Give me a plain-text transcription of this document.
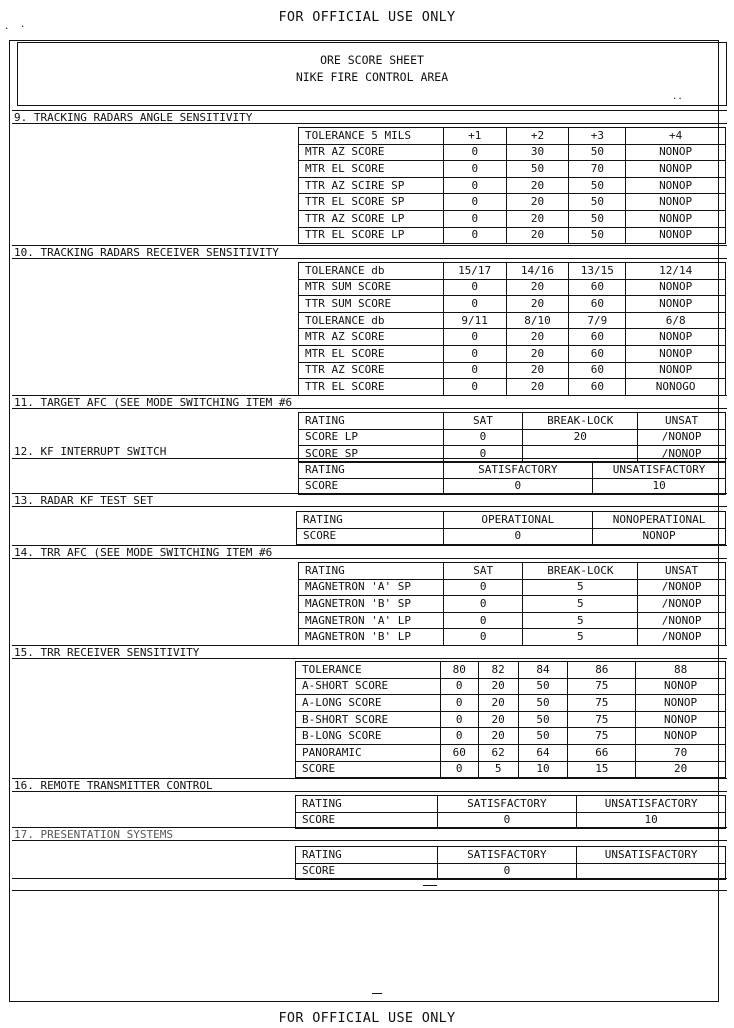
FOR OFFICIAL USE ONLY
ORE SCORE SHEET
NIKE FIRE CONTROL AREA
9. TRACKING RADARS ANGLE SENSITIVITY
TOLERANCE 5 MILS	+1	+2	+3	+4
MTR AZ SCORE	0	30	50	NONOP
MTR EL SCORE	0	50	70	NONOP
TTR AZ SCIRE SP	0	20	50	NONOP
TTR EL SCORE SP	0	20	50	NONOP
TTR AZ SCORE LP	0	20	50	NONOP
TTR EL SCORE LP	0	20	50	NONOP
10. TRACKING RADARS RECEIVER SENSITIVITY
TOLERANCE db	15/17	14/16	13/15	12/14
MTR SUM SCORE	0	20	60	NONOP
TTR SUM SCORE	0	20	60	NONOP
TOLERANCE db	9/11	8/10	7/9	6/8
MTR AZ SCORE	0	20	60	NONOP
MTR EL SCORE	0	20	60	NONOP
TTR AZ SCORE	0	20	60	NONOP
TTR EL SCORE	0	20	60	NONOGO
11. TARGET AFC (SEE MODE SWITCHING ITEM #6
RATING	SAT	BREAK-LOCK	UNSAT
SCORE LP	0	20	/NONOP
SCORE SP	0		/NONOP
12. KF INTERRUPT SWITCH
RATING	SATISFACTORY	UNSATISFACTORY
SCORE	0	10
13. RADAR KF TEST SET
RATING	OPERATIONAL	NONOPERATIONAL
SCORE	0	NONOP
14. TRR AFC (SEE MODE SWITCHING ITEM #6
RATING	SAT	BREAK-LOCK	UNSAT
MAGNETRON 'A' SP	0	5	/NONOP
MAGNETRON 'B' SP	0	5	/NONOP
MAGNETRON 'A' LP	0	5	/NONOP
MAGNETRON 'B' LP	0	5	/NONOP
15. TRR RECEIVER SENSITIVITY
TOLERANCE	80	82	84	86	88
A-SHORT SCORE	0	20	50	75	NONOP
A-LONG SCORE	0	20	50	75	NONOP
B-SHORT SCORE	0	20	50	75	NONOP
B-LONG SCORE	0	20	50	75	NONOP
PANORAMIC	60	62	64	66	70
SCORE	0	5	10	15	20
16. REMOTE TRANSMITTER CONTROL
RATING	SATISFACTORY	UNSATISFACTORY
SCORE	0	10
17. PRESENTATION SYSTEMS
RATING	SATISFACTORY	UNSATISFACTORY
SCORE	0	
. .
..
FOR OFFICIAL USE ONLY
